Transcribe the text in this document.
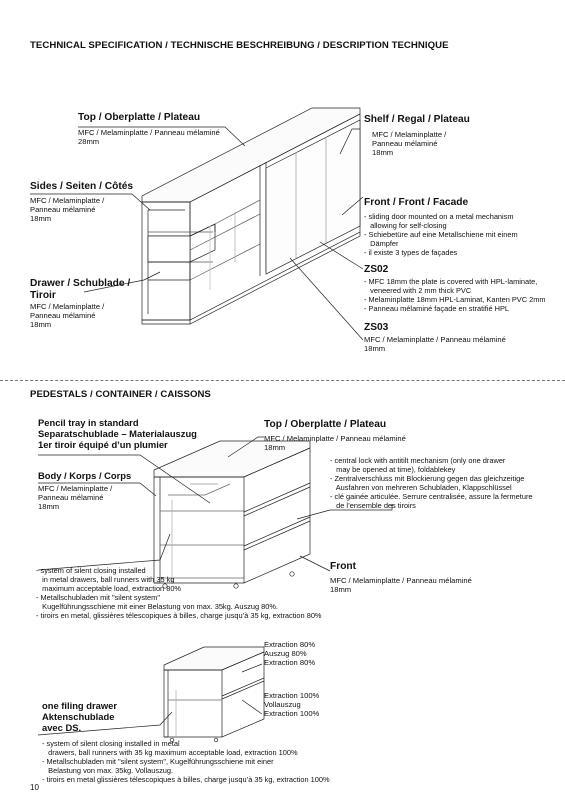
TECHNICAL SPECIFICATION / TECHNISCHE BESCHREIBUNG / DESCRIPTION TECHNIQUE
Top / Oberplatte / Plateau

MFC / Melaminplatte / Panneau mélaminé

28mm

Shelf / Regal / Plateau

MFC / Melaminplatte /

Panneau mélaminé

18mm

Sides / Seiten / Côtés

MFC / Melaminplatte /

Panneau mélaminé

18mm

Front / Front / Facade

- sliding door mounted on a metal mechanism

allowing for self-closing

- Schiebetüre auf eine Metallschiene mit einem

Dämpfer

- il existe 3 types de façades

ZS02

- MFC 18mm the plate is covered with HPL-laminate,

veneered with 2 mm thick PVC

- Melaminplatte 18mm HPL-Laminat, Kanten PVC 2mm

- Panneau mélaminé façade en stratifié HPL

ZS03

MFC / Melaminplatte / Panneau mélaminé

18mm

Drawer / Schublade /
Tiroir

MFC / Melaminplatte /

Panneau mélaminé

18mm

PEDESTALS / CONTAINER / CAISSONS
Pencil tray in standard
Separatschublade – Materialauszug
1er tiroir équipé d’un plumier
Top / Oberplatte / Plateau

MFC / Melaminplatte / Panneau mélaminé

18mm

- central lock with antitilt mechanism (only one drawer

may be opened at time), foldablekey

- Zentralverschluss mit Blockierung gegen das gleichzeitige

Ausfahren von mehreren Schubladen, Klappschlüssel

- clé gainée articulée. Serrure centralisée, assure la fermeture

de l’ensemble des tiroirs

Body / Korps / Corps

MFC / Melaminplatte /

Panneau mélaminé

18mm

Front

MFC / Melaminplatte / Panneau mélaminé

18mm

- system of silent closing installed

in metal drawers, ball runners with 35 kg

maximum acceptable load, extraction 80%

- Metallschubladen mit "silent system"

Kugelführungsschiene mit einer Belastung von max. 35kg. Auszug 80%.

- tiroirs en metal, glissières télescopiques à billes, charge jusqu’à 35 kg, extraction 80%

Extraction 80%

Auszug 80%

Extraction 80%

Extraction 100%

Vollauszug

Extraction 100%

one filing drawer
Aktenschublade
avec DS.

- system of silent closing installed in metal

drawers, ball runners with 35 kg maximum acceptable load, extraction 100%

- Metallschubladen mit "silent system", Kugelführungsschiene mit einer

Belastung von max. 35kg. Vollauszug.

- tiroirs en metal glissières télescopiques à billes, charge jusqu’à 35 kg, extraction 100%

10
